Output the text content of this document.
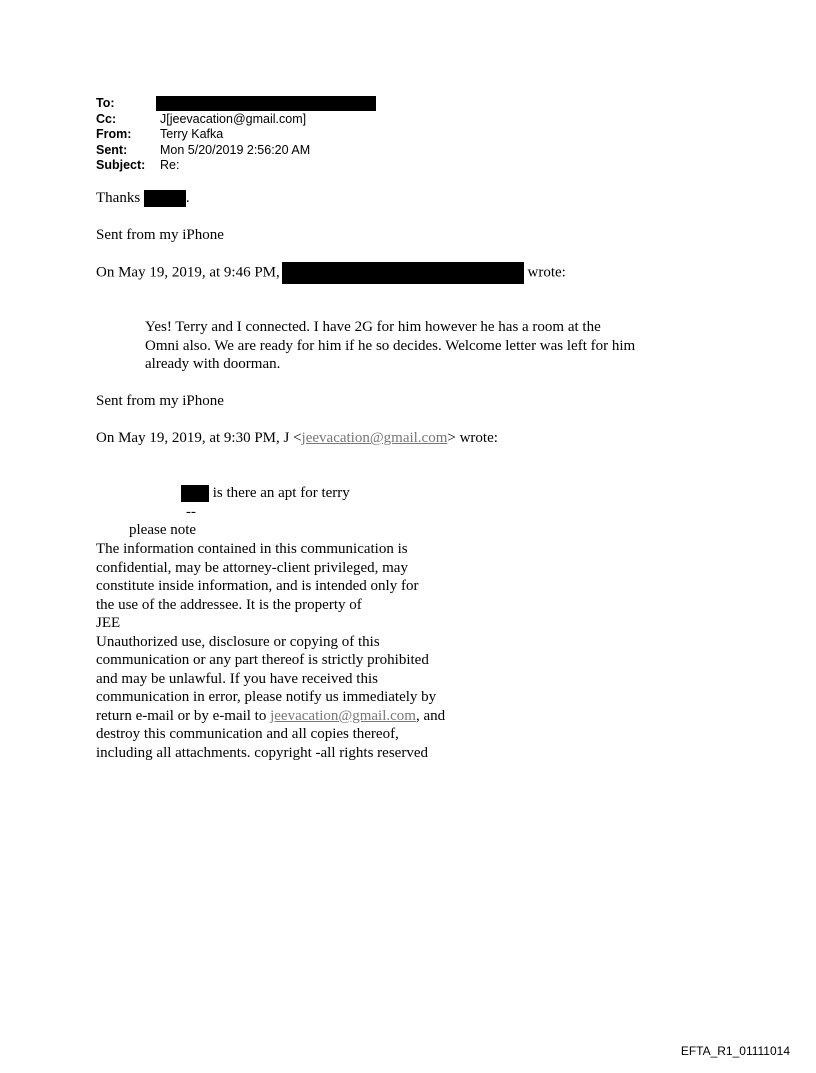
To:
Cc:	J[jeevacation@gmail.com]
From:	Terry Kafka
Sent:	Mon 5/20/2019 2:56:20 AM
Subject:	Re:
Thanks	.
Sent from my iPhone
On May 19, 2019, at 9:46 PM,	wrote:
Yes! Terry and I connected. I have 2G for him however he has a room at the
Omni also. We are ready for him if he so decides. Welcome letter was left for him
already with doorman.
Sent from my iPhone
On May 19, 2019, at 9:30 PM, J <jeevacation@gmail.com> wrote:
is there an apt for terry
--
please note
The information contained in this communication is
confidential, may be attorney-client privileged, may
constitute inside information, and is intended only for
the use of the addressee. It is the property of
JEE
Unauthorized use, disclosure or copying of this
communication or any part thereof is strictly prohibited
and may be unlawful. If you have received this
communication in error, please notify us immediately by
return e-mail or by e-mail to jeevacation@gmail.com, and
destroy this communication and all copies thereof,
including all attachments. copyright -all rights reserved
EFTA_R1_01111014
